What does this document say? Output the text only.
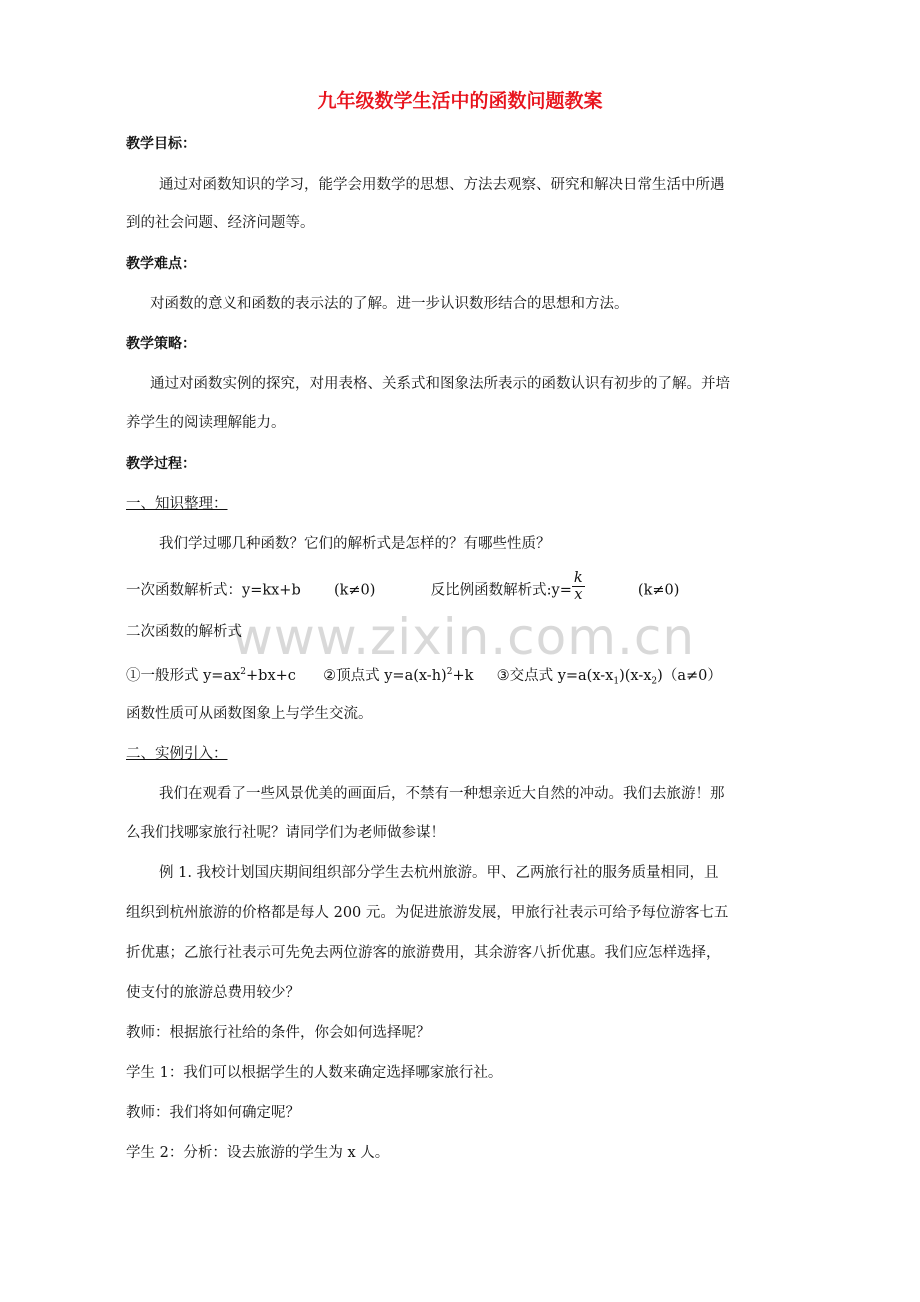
www.zixin.com.cn
九年级数学生活中的函数问题教案
教学目标：
通过对函数知识的学习，能学会用数学的思想、方法去观察、研究和解决日常生活中所遇
到的社会问题、经济问题等。
教学难点：
对函数的意义和函数的表示法的了解。进一步认识数形结合的思想和方法。
教学策略：
通过对函数实例的探究，对用表格、关系式和图象法所表示的函数认识有初步的了解。并培
养学生的阅读理解能力。
教学过程：
一、知识整理：
我们学过哪几种函数？它们的解析式是怎样的？有哪些性质？
一次函数解析式：y=kx+b (k≠0)	反比例函数解析式:y= $\frac{k}{x}$	(k≠0)
二次函数的解析式
①一般形式 $y=ax^2+bx+c$ ②顶点式 $y=a(x-h)^2+k$ ③交点式 $y=a(x-x_1)(x-x_2)(a\ne 0)$
函数性质可从函数图象上与学生交流。
二、实例引入：
我们在观看了一些风景优美的画面后，不禁有一种想亲近大自然的冲动。我们去旅游！那
么我们找哪家旅行社呢？请同学们为老师做参谋！
例 1. 我校计划国庆期间组织部分学生去杭州旅游。甲、乙两旅行社的服务质量相同，且
组织到杭州旅游的价格都是每人 200 元。为促进旅游发展，甲旅行社表示可给予每位游客七五
折优惠；乙旅行社表示可先免去两位游客的旅游费用，其余游客八折优惠。我们应怎样选择，
使支付的旅游总费用较少？
教师：根据旅行社给的条件，你会如何选择呢？
学生 1：我们可以根据学生的人数来确定选择哪家旅行社。
教师：我们将如何确定呢？
学生 2：分析：设去旅游的学生为 x 人。
